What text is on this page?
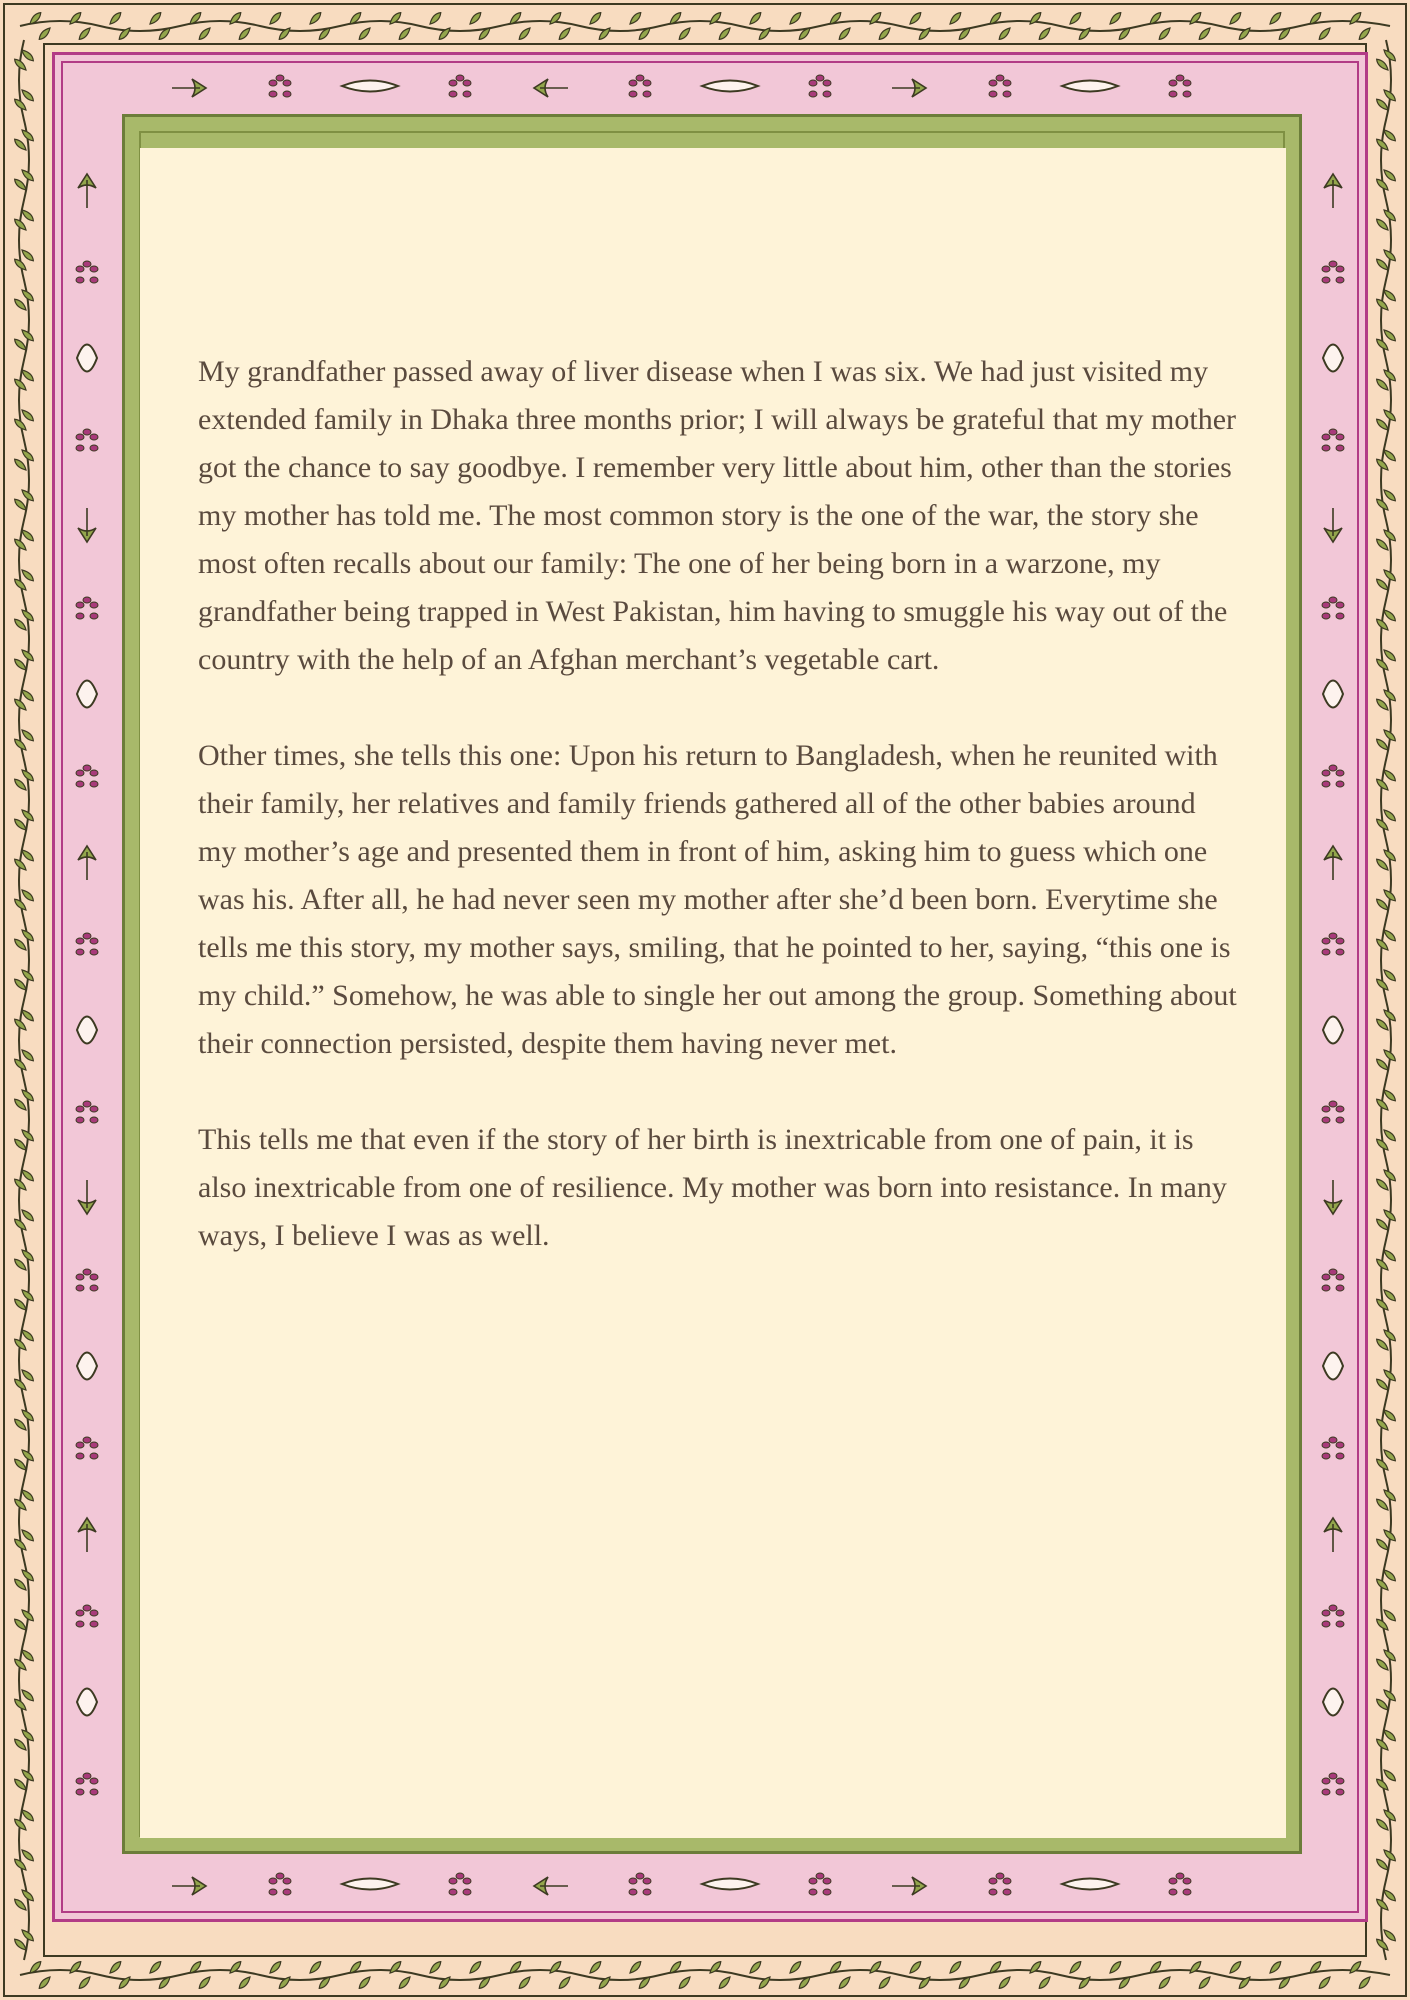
My grandfather passed away of liver disease when I was six. We had just visited my extended family in Dhaka three months prior; I will always be grateful that my mother got the chance to say goodbye. I remember very little about him, other than the stories my mother has told me. The most common story is the one of the war, the story she most often recalls about our family: The one of her being born in a warzone, my grandfather being trapped in West Pakistan, him having to smuggle his way out of the country with the help of an Afghan merchant’s vegetable cart.

Other times, she tells this one: Upon his return to Bangladesh, when he reunited with their family, her relatives and family friends gathered all of the other babies around my mother’s age and presented them in front of him, asking him to guess which one was his. After all, he had never seen my mother after she’d been born. Everytime she tells me this story, my mother says, smiling, that he pointed to her, saying, “this one is my child.” Somehow, he was able to single her out among the group. Something about their connection persisted, despite them having never met.

This tells me that even if the story of her birth is inextricable from one of pain, it is also inextricable from one of resilience. My mother was born into resistance. In many ways, I believe I was as well.
